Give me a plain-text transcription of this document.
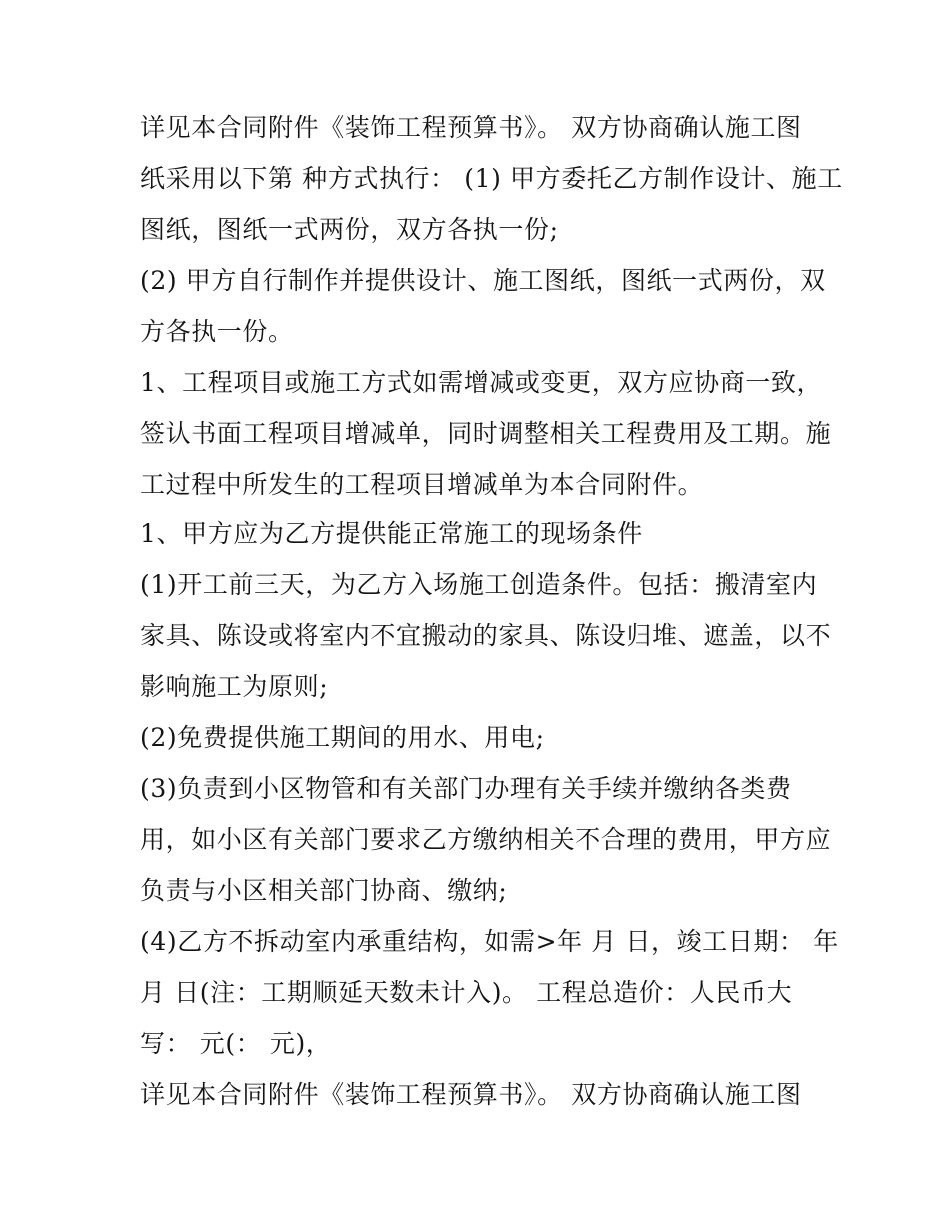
详见本合同附件《装饰工程预算书》。 双方协商确认施工图
纸采用以下第 种方式执行： (1) 甲方委托乙方制作设计、施工
图纸，图纸一式两份，双方各执一份;
(2) 甲方自行制作并提供设计、施工图纸，图纸一式两份，双
方各执一份。
1、工程项目或施工方式如需增减或变更，双方应协商一致，
签认书面工程项目增减单，同时调整相关工程费用及工期。施
工过程中所发生的工程项目增减单为本合同附件。
1、甲方应为乙方提供能正常施工的现场条件
(1)开工前三天，为乙方入场施工创造条件。包括：搬清室内
家具、陈设或将室内不宜搬动的家具、陈设归堆、遮盖，以不
影响施工为原则;
(2)免费提供施工期间的用水、用电;
(3)负责到小区物管和有关部门办理有关手续并缴纳各类费
用，如小区有关部门要求乙方缴纳相关不合理的费用，甲方应
负责与小区相关部门协商、缴纳;
(4)乙方不拆动室内承重结构，如需>年 月 日，竣工日期： 年
月 日(注：工期顺延天数未计入)。 工程总造价：人民币大
写： 元(： 元)，
详见本合同附件《装饰工程预算书》。 双方协商确认施工图
